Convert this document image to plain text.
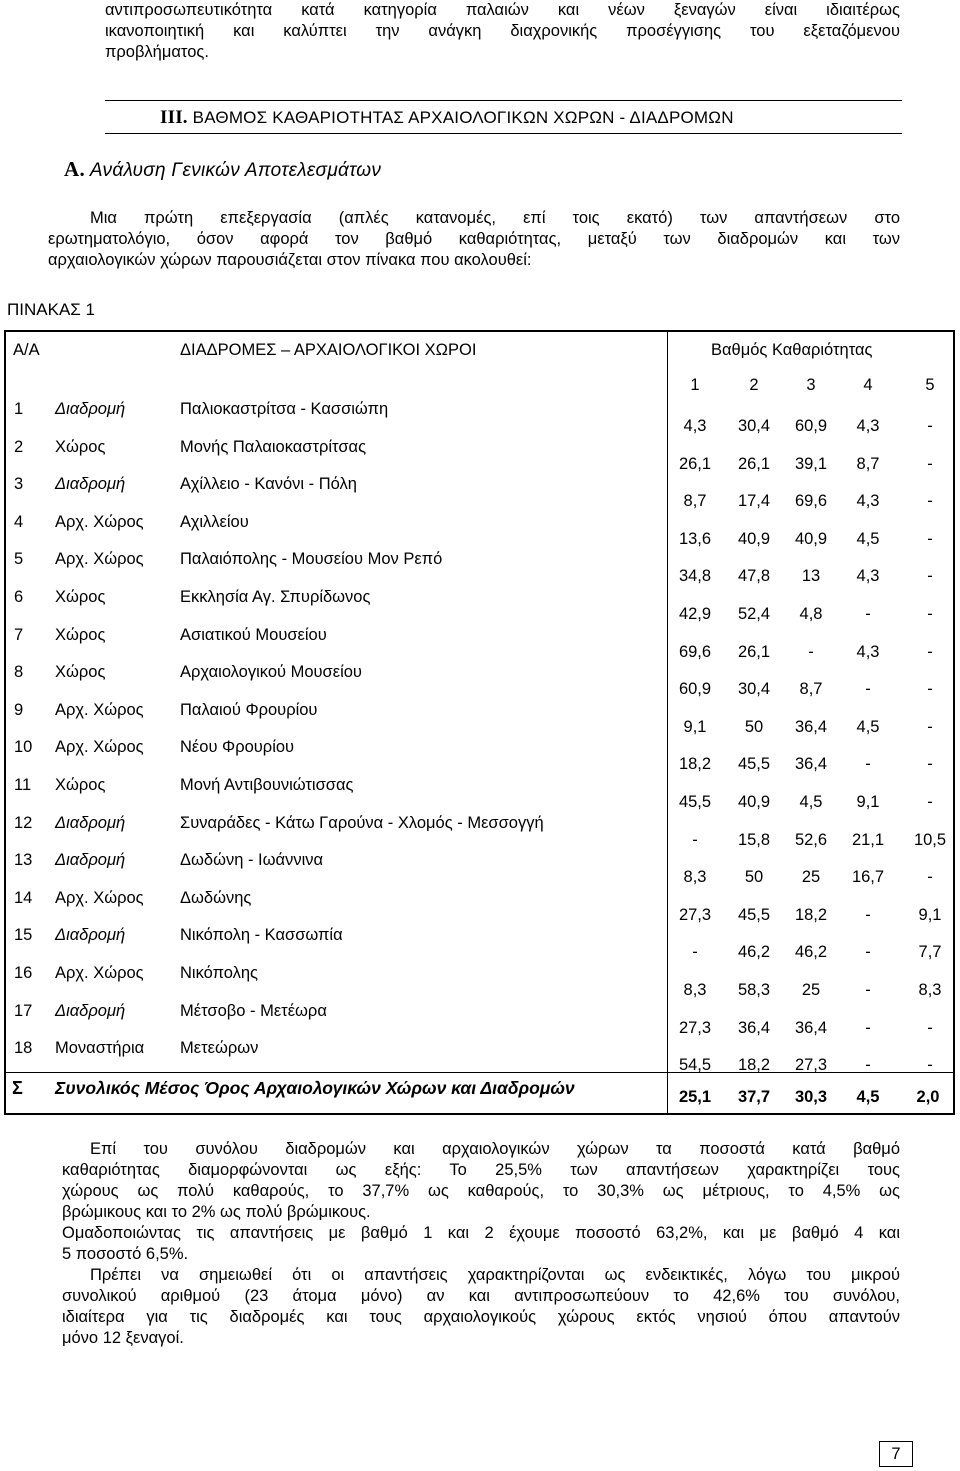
αντιπροσωπευτικότητα κατά κατηγορία παλαιών και νέων ξεναγών είναι ιδιαιτέρως
ικανοποιητική και καλύπτει την ανάγκη διαχρονικής προσέγγισης του εξεταζόμενου
προβλήματος.
III. ΒΑΘΜΟΣ ΚΑΘΑΡΙΟΤΗΤΑΣ ΑΡΧΑΙΟΛΟΓΙΚΩΝ ΧΩΡΩΝ - ΔΙΑΔΡΟΜΩΝ
Α. Ανάλυση Γενικών Αποτελεσμάτων
Μια πρώτη επεξεργασία (απλές κατανομές, επί τοις εκατό) των απαντήσεων στο
ερωτηματολόγιο, όσον αφορά τον βαθμό καθαριότητας, μεταξύ των διαδρομών και των
αρχαιολογικών χώρων παρουσιάζεται στον πίνακα που ακολουθεί:
ΠΙΝΑΚΑΣ 1
Α/Α	ΔΙΑΔΡΟΜΕΣ – ΑΡΧΑΙΟΛΟΓΙΚΟΙ ΧΩΡΟΙ	Βαθμός Καθαριότητας
1	2	3	4	5
1	Διαδρομή	Παλιοκαστρίτσα - Κασσιώπη
4,3	30,4	60,9	4,3	-
2	Χώρος	Μονής Παλαιοκαστρίτσας
26,1	26,1	39,1	8,7	-
3	Διαδρομή	Αχίλλειο - Κανόνι - Πόλη
8,7	17,4	69,6	4,3	-
4	Αρχ. Χώρος Αχιλλείου
13,6	40,9	40,9	4,5	-
5	Αρχ. Χώρος Παλαιόπολης - Μουσείου Μον Ρεπό
34,8	47,8	13	4,3	-
6	Χώρος	Εκκλησία Αγ. Σπυρίδωνος
42,9	52,4	4,8	-	-
7	Χώρος	Ασιατικού Μουσείου
69,6	26,1	-	4,3	-
8	Χώρος	Αρχαιολογικού Μουσείου
60,9	30,4	8,7	-	-
9	Αρχ. Χώρος Παλαιού Φρουρίου
9,1	50	36,4	4,5	-
10	Αρχ. Χώρος Νέου Φρουρίου
18,2	45,5	36,4	-	-
11	Χώρος	Μονή Αντιβουνιώτισσας
45,5	40,9	4,5	9,1	-
12	Διαδρομή	Συναράδες - Κάτω Γαρούνα - Χλομός - Μεσσογγή
-	15,8	52,6	21,1	10,5
13	Διαδρομή	Δωδώνη - Ιωάννινα
8,3	50	25	16,7	-
14	Αρχ. Χώρος Δωδώνης
27,3	45,5	18,2	-	9,1
15	Διαδρομή	Νικόπολη - Κασσωπία
-	46,2	46,2	-	7,7
16	Αρχ. Χώρος Νικόπολης
8,3	58,3	25	-	8,3
17	Διαδρομή	Μέτσοβο - Μετέωρα
27,3	36,4	36,4	-	-
18	Μοναστήρια Μετεώρων
54,5	18,2	27,3	-	-
Σ Συνολικός Μέσος Όρος Αρχαιολογικών Χώρων και Διαδρομών	25,1	37,7	30,3	4,5	2,0
Επί του συνόλου διαδρομών και αρχαιολογικών χώρων τα ποσοστά κατά βαθμό
καθαριότητας διαμορφώνονται ως εξής: Το 25,5% των απαντήσεων χαρακτηρίζει τους
χώρους ως πολύ καθαρούς, το 37,7% ως καθαρούς, το 30,3% ως μέτριους, το 4,5% ως
βρώμικους και το 2% ως πολύ βρώμικους.
Ομαδοποιώντας τις απαντήσεις με βαθμό 1 και 2 έχουμε ποσοστό 63,2%, και με βαθμό 4 και
5 ποσοστό 6,5%.
Πρέπει να σημειωθεί ότι οι απαντήσεις χαρακτηρίζονται ως ενδεικτικές, λόγω του μικρού
συνολικού αριθμού (23 άτομα μόνο) αν και αντιπροσωπεύουν το 42,6% του συνόλου,
ιδιαίτερα για τις διαδρομές και τους αρχαιολογικούς χώρους εκτός νησιού όπου απαντούν
μόνο 12 ξεναγοί.
7
